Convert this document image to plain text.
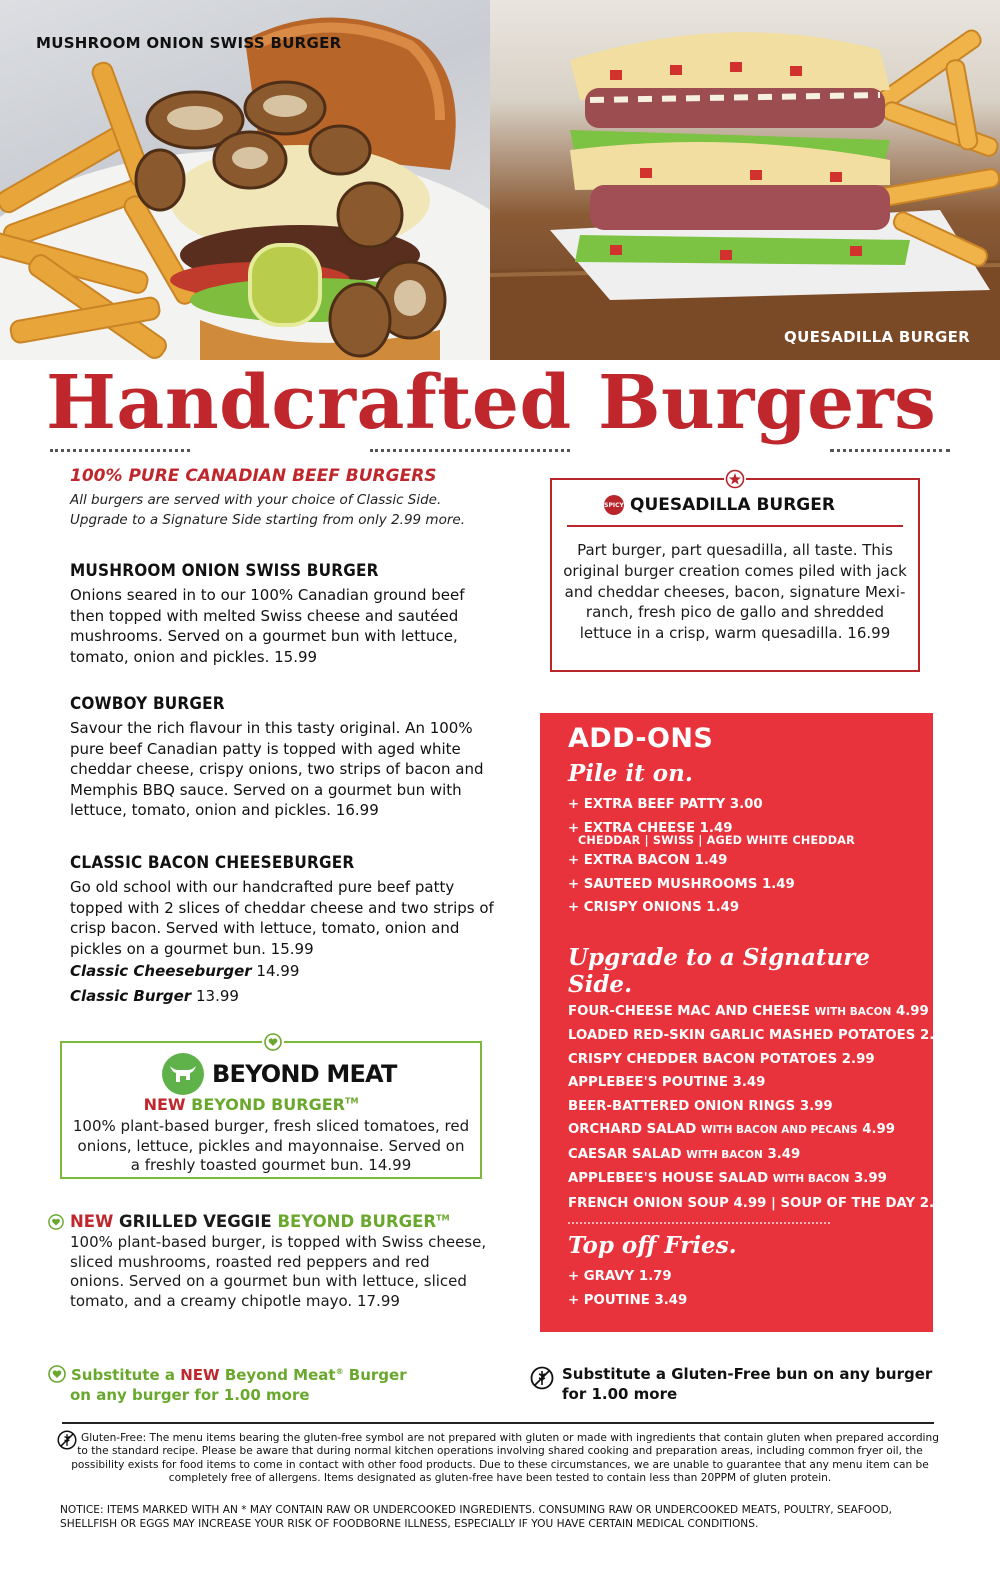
MUSHROOM ONION SWISS BURGER
QUESADILLA BURGER
Handcrafted Burgers
100% PURE CANADIAN BEEF BURGERS
All burgers are served with your choice of Classic Side.
Upgrade to a Signature Side starting from only 2.99 more.
MUSHROOM ONION SWISS BURGER
Onions seared in to our 100% Canadian ground beef then topped with melted Swiss cheese and sautéed mushrooms. Served on a gourmet bun with lettuce, tomato, onion and pickles. 15.99
COWBOY BURGER
Savour the rich flavour in this tasty original. An 100% pure beef Canadian patty is topped with aged white cheddar cheese, crispy onions, two strips of bacon and Memphis BBQ sauce. Served on a gourmet bun with lettuce, tomato, onion and pickles. 16.99
CLASSIC BACON CHEESEBURGER
Go old school with our handcrafted pure beef patty topped with 2 slices of cheddar cheese and two strips of crisp bacon. Served with lettuce, tomato, onion and pickles on a gourmet bun. 15.99
Classic Cheeseburger 14.99
Classic Burger 13.99
BEYOND MEAT
NEW BEYOND BURGER™
100% plant-based burger, fresh sliced tomatoes, red onions, lettuce, pickles and mayonnaise. Served on a freshly toasted gourmet bun. 14.99
NEW GRILLED VEGGIE BEYOND BURGER™
100% plant-based burger, is topped with Swiss cheese, sliced mushrooms, roasted red peppers and red onions. Served on a gourmet bun with lettuce, sliced tomato, and a creamy chipotle mayo. 17.99
Substitute a NEW Beyond Meat® Burger
on any burger for 1.00 more
Substitute a Gluten-Free bun on any burger
for 1.00 more
SPICY QUESADILLA BURGER
Part burger, part quesadilla, all taste. This original burger creation comes piled with jack and cheddar cheeses, bacon, signature Mexi-ranch, fresh pico de gallo and shredded lettuce in a crisp, warm quesadilla. 16.99
ADD-ONS
Pile it on.
+ EXTRA BEEF PATTY 3.00
+ EXTRA CHEESE 1.49
CHEDDAR | SWISS | AGED WHITE CHEDDAR
+ EXTRA BACON 1.49
+ SAUTEED MUSHROOMS 1.49
+ CRISPY ONIONS 1.49
Upgrade to a Signature Side.
FOUR-CHEESE MAC AND CHEESE WITH BACON 4.99
LOADED RED-SKIN GARLIC MASHED POTATOES 2.99
CRISPY CHEDDER BACON POTATOES 2.99
APPLEBEE'S POUTINE 3.49
BEER-BATTERED ONION RINGS 3.99
ORCHARD SALAD WITH BACON AND PECANS 4.99
CAESAR SALAD WITH BACON 3.49
APPLEBEE'S HOUSE SALAD WITH BACON 3.99
FRENCH ONION SOUP 4.99 | SOUP OF THE DAY 2.99
Top off Fries.
+ GRAVY 1.79
+ POUTINE 3.49
Gluten-Free: The menu items bearing the gluten-free symbol are not prepared with gluten or made with ingredients that contain gluten when prepared according to the standard recipe. Please be aware that during normal kitchen operations involving shared cooking and preparation areas, including common fryer oil, the possibility exists for food items to come in contact with other food products. Due to these circumstances, we are unable to guarantee that any menu item can be completely free of allergens. Items designated as gluten-free have been tested to contain less than 20PPM of gluten protein.
NOTICE: ITEMS MARKED WITH AN * MAY CONTAIN RAW OR UNDERCOOKED INGREDIENTS. CONSUMING RAW OR UNDERCOOKED MEATS, POULTRY, SEAFOOD, SHELLFISH OR EGGS MAY INCREASE YOUR RISK OF FOODBORNE ILLNESS, ESPECIALLY IF YOU HAVE CERTAIN MEDICAL CONDITIONS.
